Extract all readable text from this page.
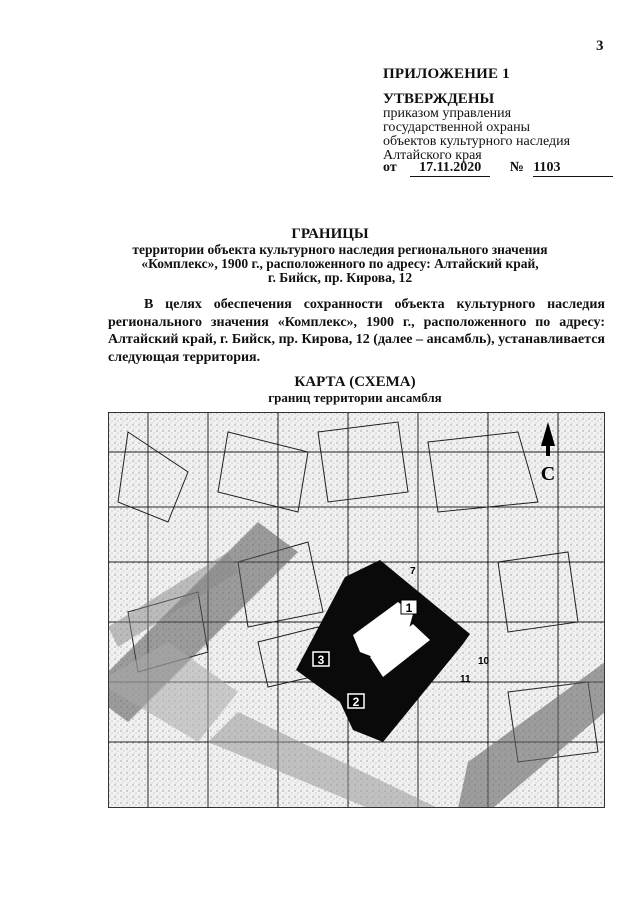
3
ПРИЛОЖЕНИЕ 1
УТВЕРЖДЕНЫ
приказом управления
государственной охраны
объектов культурного наследия
Алтайского края
от 17.11.2020 № 1103
ГРАНИЦЫ
территории объекта культурного наследия регионального значения
«Комплекс», 1900 г., расположенного по адресу: Алтайский край,
г. Бийск, пр. Кирова, 12
В целях обеспечения сохранности объекта культурного наследия регионального значения «Комплекс», 1900 г., расположенного по адресу: Алтайский край, г. Бийск, пр. Кирова, 12 (далее – ансамбль), устанавливается следующая территория.
КАРТА (СХЕМА)
границ территории ансамбля
1
2
3
7
10
11
С
